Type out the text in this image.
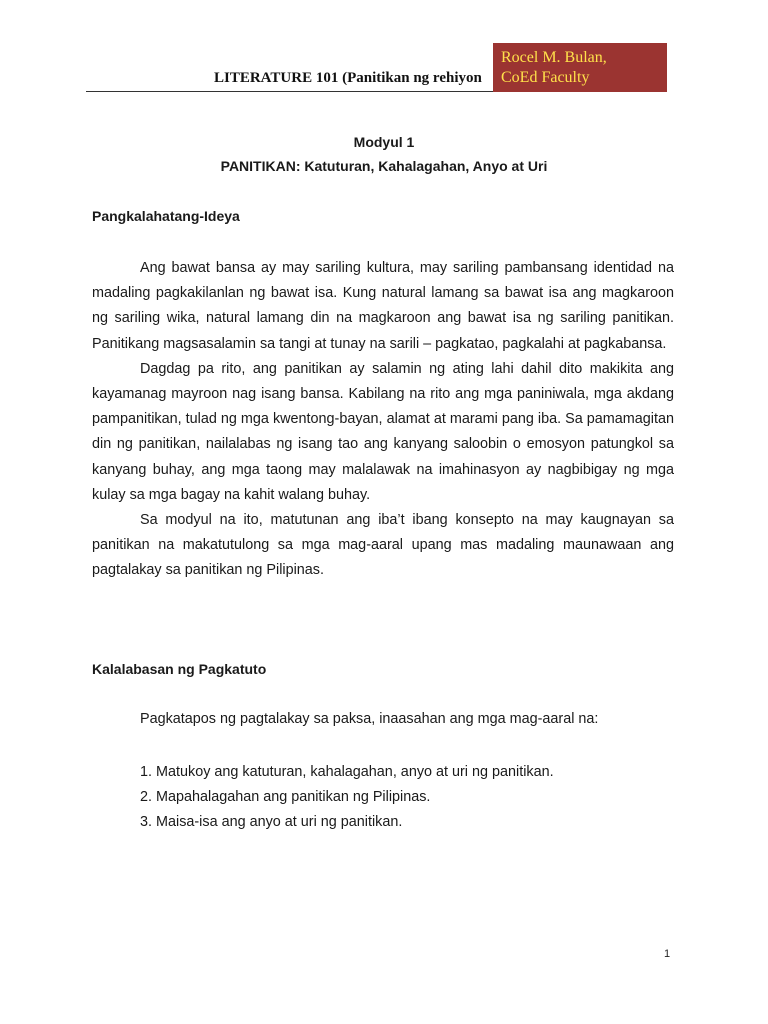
LITERATURE 101 (Panitikan ng rehiyon
Rocel M. Bulan,
CoEd Faculty
Modyul 1
PANITIKAN: Katuturan, Kahalagahan, Anyo at Uri
Pangkalahatang-Ideya

Ang bawat bansa ay may sariling kultura, may sariling pambansang identidad na madaling pagkakilanlan ng bawat isa. Kung natural lamang sa bawat isa ang magkaroon ng sariling wika, natural lamang din na magkaroon ang bawat isa ng sariling panitikan. Panitikang magsasalamin sa tangi at tunay na sarili – pagkatao, pagkalahi at pagkabansa.

Dagdag pa rito, ang panitikan ay salamin ng ating lahi dahil dito makikita ang kayamanag mayroon nag isang bansa. Kabilang na rito ang mga paniniwala, mga akdang pampanitikan, tulad ng mga kwentong-bayan, alamat at marami pang iba. Sa pamamagitan din ng panitikan, nailalabas ng isang tao ang kanyang saloobin o emosyon patungkol sa kanyang buhay, ang mga taong may malalawak na imahinasyon ay nagbibigay ng mga kulay sa mga bagay na kahit walang buhay.

Sa modyul na ito, matutunan ang iba’t ibang konsepto na may kaugnayan sa panitikan na makatutulong sa mga mag-aaral upang mas madaling maunawaan ang pagtalakay sa panitikan ng Pilipinas.

Kalalabasan ng Pagkatuto
Pagkatapos ng pagtalakay sa paksa, inaasahan ang mga mag-aaral na:
1. Matukoy ang katuturan, kahalagahan, anyo at uri ng panitikan.
2. Mapahalagahan ang panitikan ng Pilipinas.
3. Maisa-isa ang anyo at uri ng panitikan.
1
